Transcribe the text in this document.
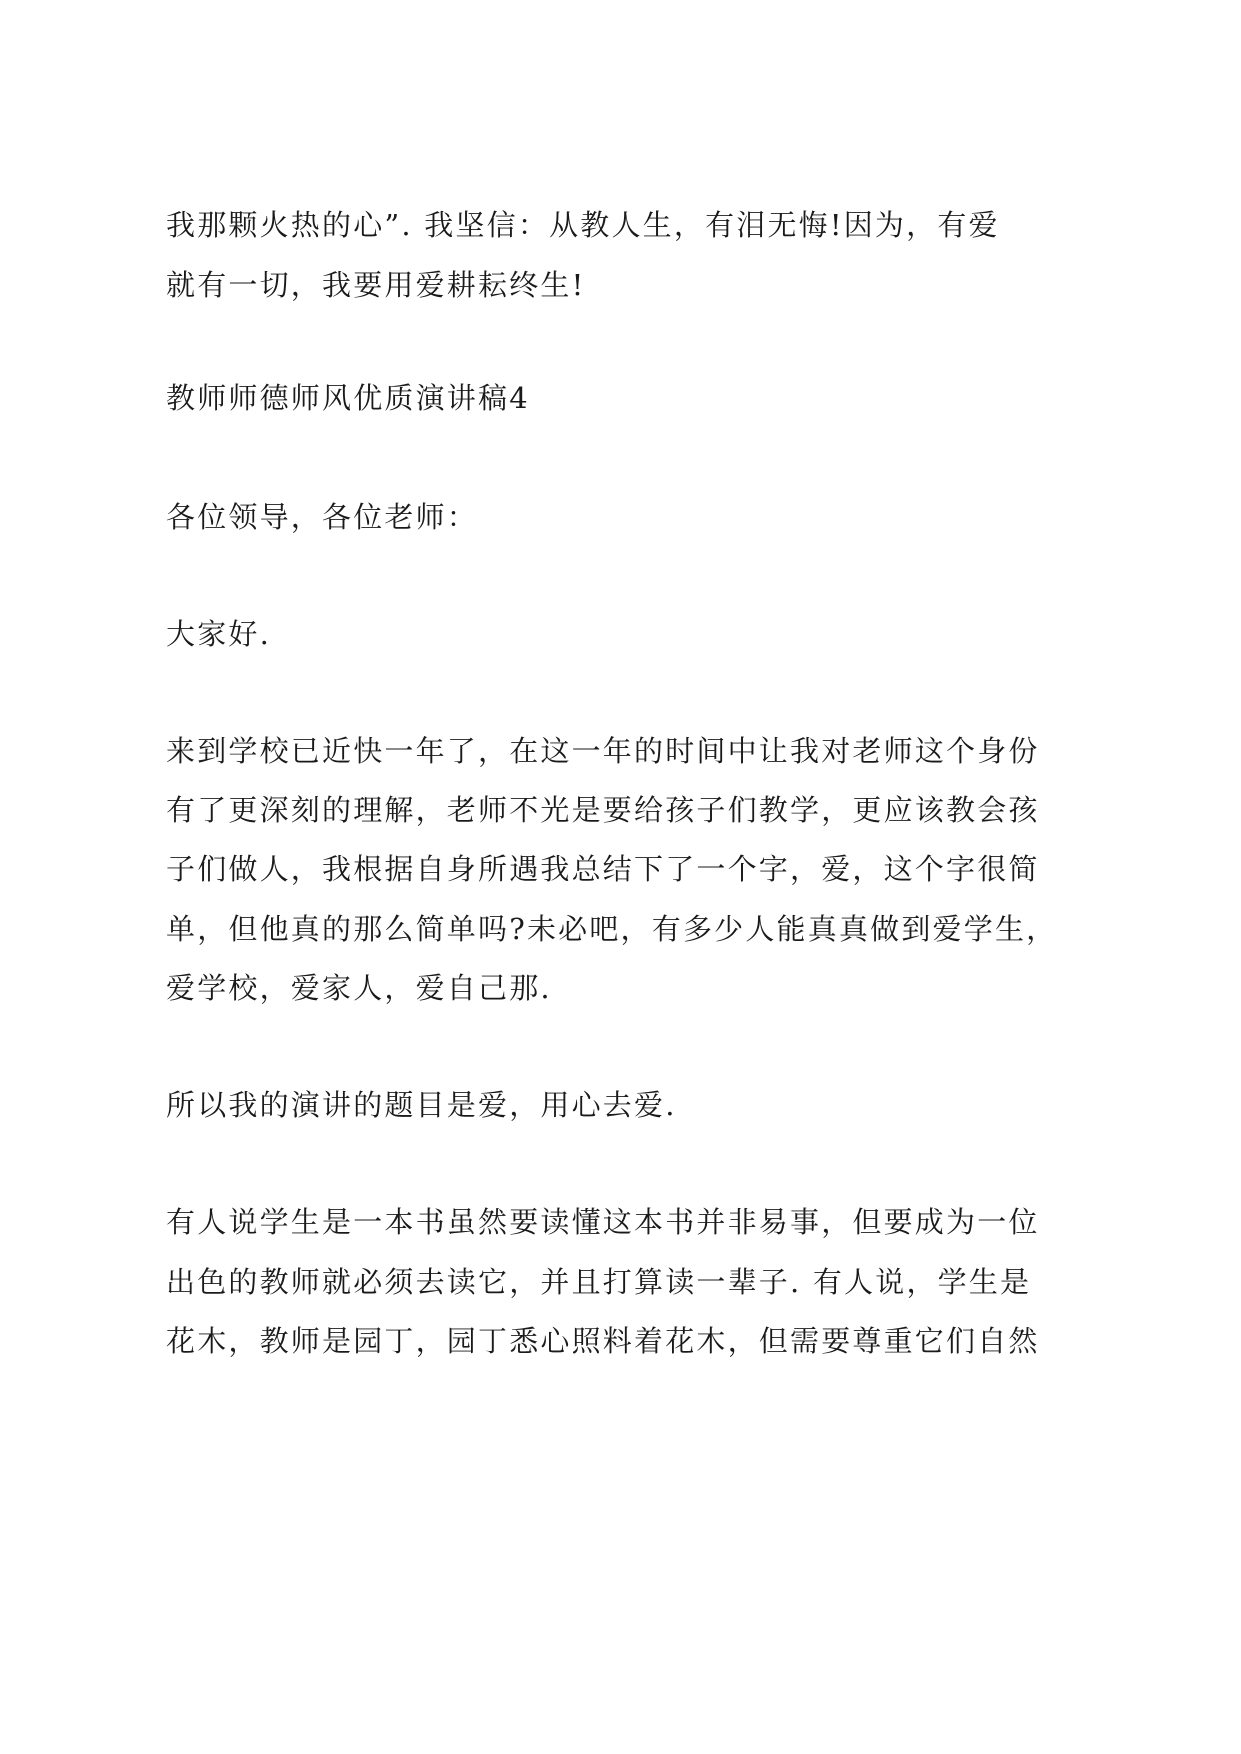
我那颗火热的心”. 我坚信：从教人生，有泪无悔!因为，有爱
就有一切，我要用爱耕耘终生!
教师师德师风优质演讲稿4
各位领导，各位老师：
大家好.
来到学校已近快一年了，在这一年的时间中让我对老师这个身份
有了更深刻的理解，老师不光是要给孩子们教学，更应该教会孩
子们做人，我根据自身所遇我总结下了一个字，爱，这个字很简
单，但他真的那么简单吗?未必吧，有多少人能真真做到爱学生，
爱学校，爱家人，爱自己那.
所以我的演讲的题目是爱，用心去爱.
有人说学生是一本书虽然要读懂这本书并非易事，但要成为一位
出色的教师就必须去读它，并且打算读一辈子. 有人说，学生是
花木，教师是园丁，园丁悉心照料着花木，但需要尊重它们自然
